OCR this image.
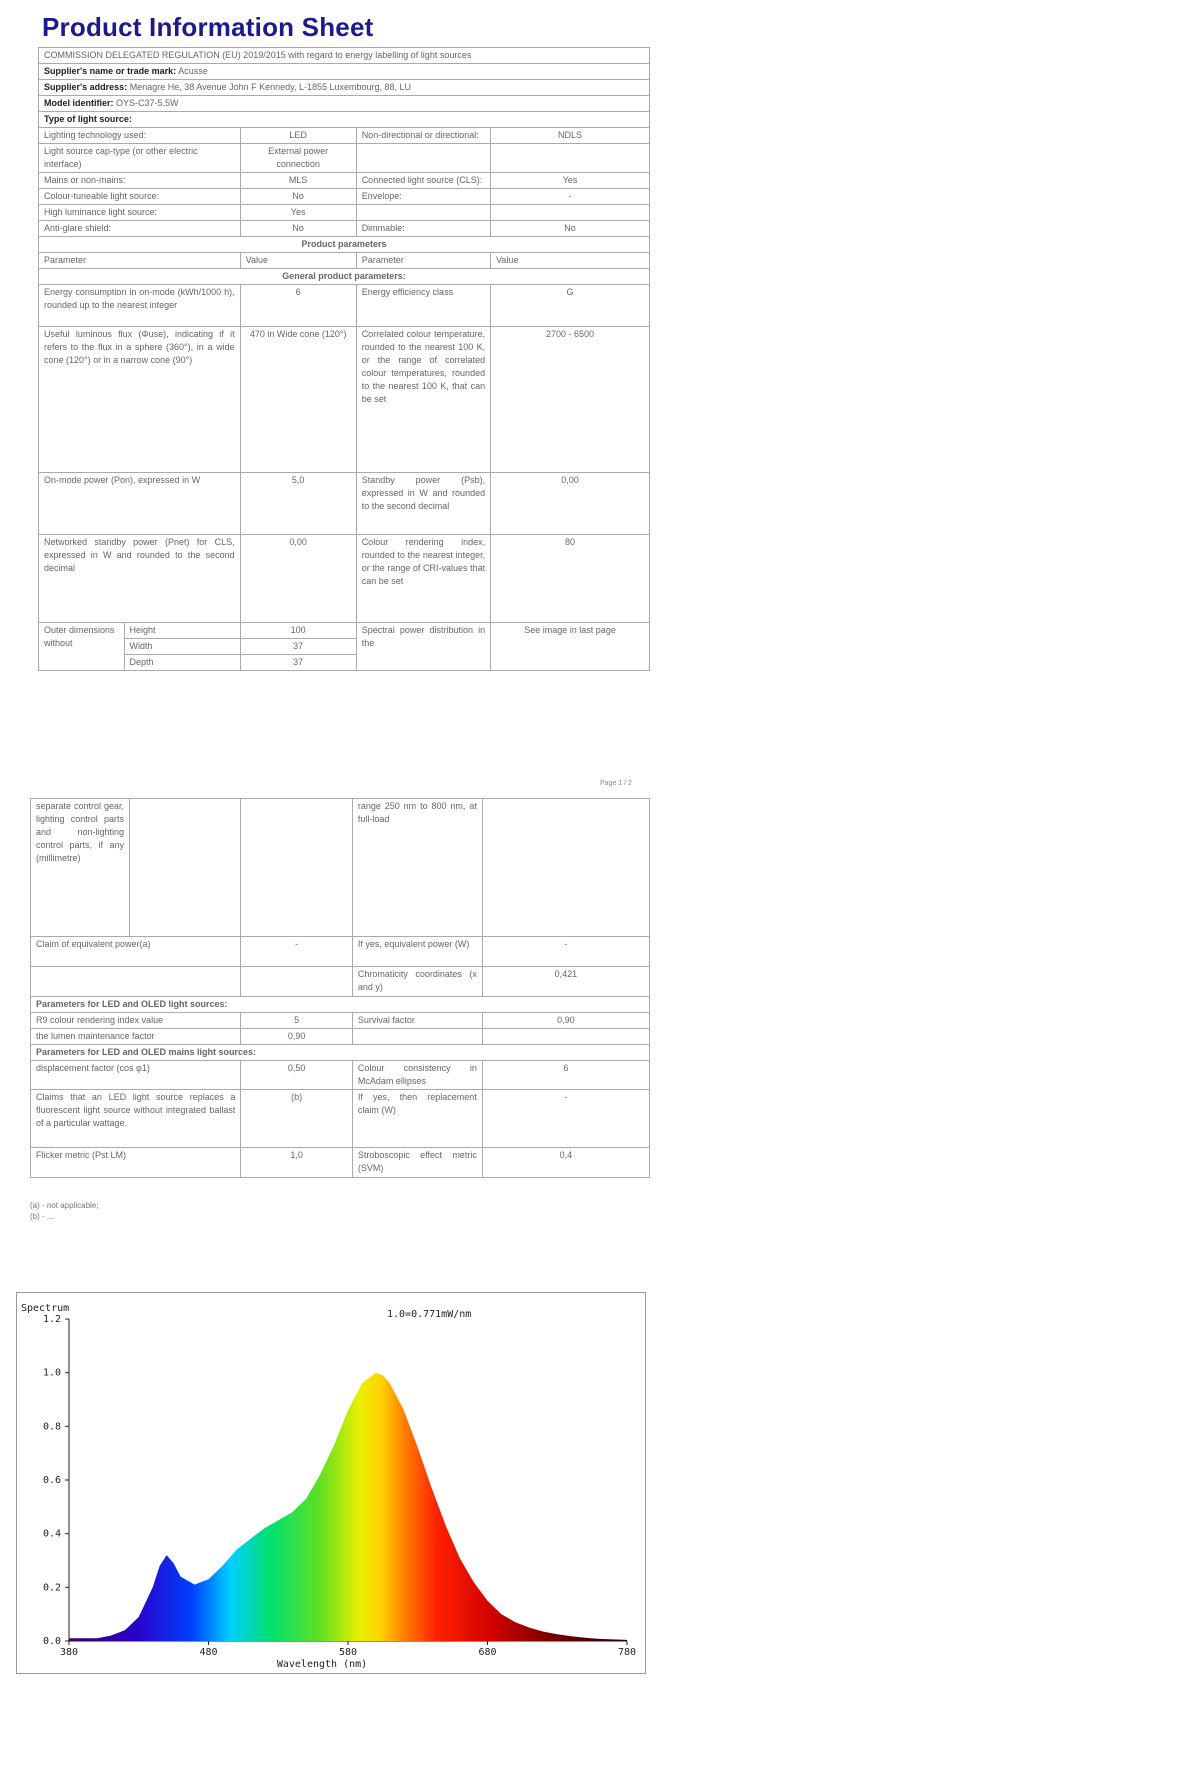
Product Information Sheet
COMMISSION DELEGATED REGULATION (EU) 2019/2015 with regard to energy labelling of light sources				
Supplier's name or trade mark: Acusse				
Supplier's address: Menagre He, 38 Avenue John F Kennedy, L-1855 Luxembourg, 88, LU				
Model identifier: OYS-C37-5.5W				
Type of light source:				
Lighting technology used:		LED	Non-directional or directional:	NDLS
Light source cap-type (or other electric interface)		External power connection		
Mains or non-mains:		MLS	Connected light source (CLS):	Yes
Colour-tuneable light source:		No	Envelope:	-
High luminance light source:		Yes		
Anti-glare shield:		No	Dimmable:	No
Product parameters				
Parameter		Value	Parameter	Value
General product parameters:				
Energy consumption in on-mode (kWh/1000 h), rounded up to the nearest integer		6	Energy efficiency class	G
Useful luminous flux (Φuse), indicating if it refers to the flux in a sphere (360°), in a wide cone (120°) or in a narrow cone (90°)		470 in Wide cone (120°)	Correlated colour temperature, rounded to the nearest 100 K, or the range of correlated colour temperatures, rounded to the nearest 100 K, that can be set	2700 - 6500
On-mode power (Pon), expressed in W		5,0	Standby power (Psb), expressed in W and rounded to the second decimal	0,00
Networked standby power (Pnet) for CLS, expressed in W and rounded to the second decimal		0,00	Colour rendering index, rounded to the nearest integer, or the range of CRI-values that can be set	80
Outer dimensions without	Height	100	Spectral power distribution in the	See image in last page
	Width	37		
	Depth	37		
Page 1 / 2
separate control gear, lighting control parts and non-lighting control parts, if any (millimetre)			range 250 nm to 800 nm, at full-load	
Claim of equivalent power(a)		-	If yes, equivalent power (W)	-
			Chromaticity coordinates (x and y)	0,421
Parameters for LED and OLED light sources:				
R9 colour rendering index value		5	Survival factor	0,90
the lumen maintenance factor		0,90		
Parameters for LED and OLED mains light sources:				
displacement factor (cos φ1)		0,50	Colour consistency in McAdam ellipses	6
Claims that an LED light source replaces a fluorescent light source without integrated ballast of a particular wattage.		(b)	If yes, then replacement claim (W)	-
Flicker metric (Pst LM)		1,0	Stroboscopic effect metric (SVM)	0,4
(a) - not applicable;
(b) - ...
Spectrum
1.0=0.771mW/nm
Wavelength (nm)
0.0
0.2
0.4
0.6
0.8
1.0
1.2
380	480	580	680	780
